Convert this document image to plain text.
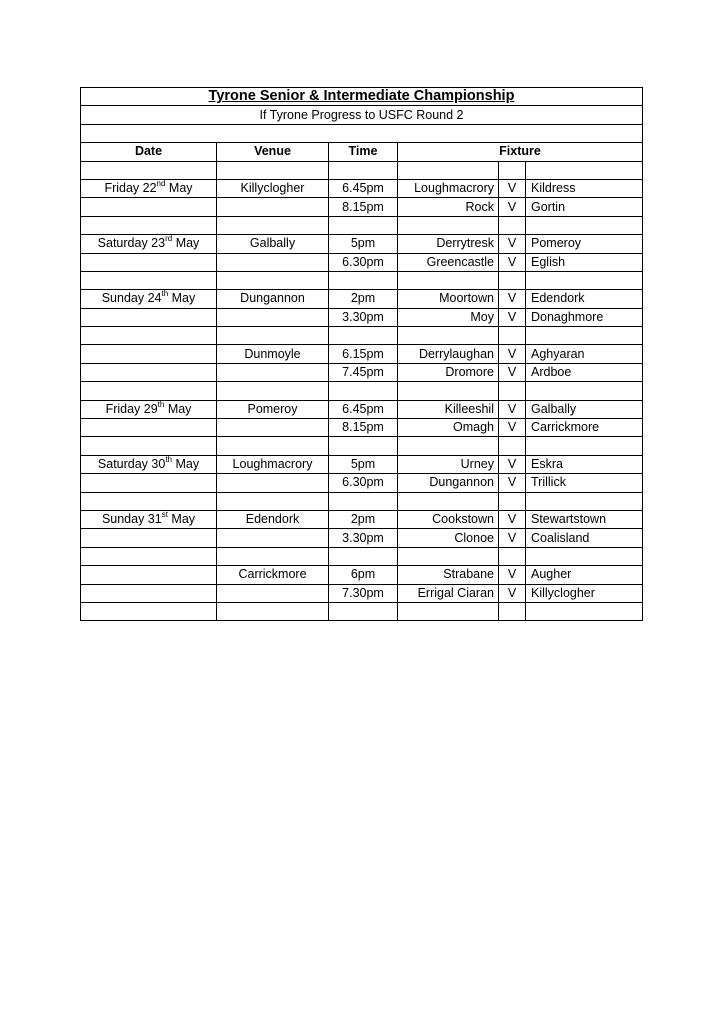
Tyrone Senior & Intermediate Championship					
If Tyrone Progress to USFC Round 2					

Date	Venue	Time	Fixture		

Friday 22nd May	Killyclogher	6.45pm	Loughmacrory	V	Kildress
		8.15pm	Rock	V	Gortin

Saturday 23rd May	Galbally	5pm	Derrytresk	V	Pomeroy
		6.30pm	Greencastle	V	Eglish

Sunday 24th May	Dungannon	2pm	Moortown	V	Edendork
		3.30pm	Moy	V	Donaghmore

	Dunmoyle	6.15pm	Derrylaughan	V	Aghyaran
		7.45pm	Dromore	V	Ardboe

Friday 29th May	Pomeroy	6.45pm	Killeeshil	V	Galbally
		8.15pm	Omagh	V	Carrickmore

Saturday 30th May	Loughmacrory	5pm	Urney	V	Eskra
		6.30pm	Dungannon	V	Trillick

Sunday 31st May	Edendork	2pm	Cookstown	V	Stewartstown
		3.30pm	Clonoe	V	Coalisland

	Carrickmore	6pm	Strabane	V	Augher
		7.30pm	Errigal Ciaran	V	Killyclogher
